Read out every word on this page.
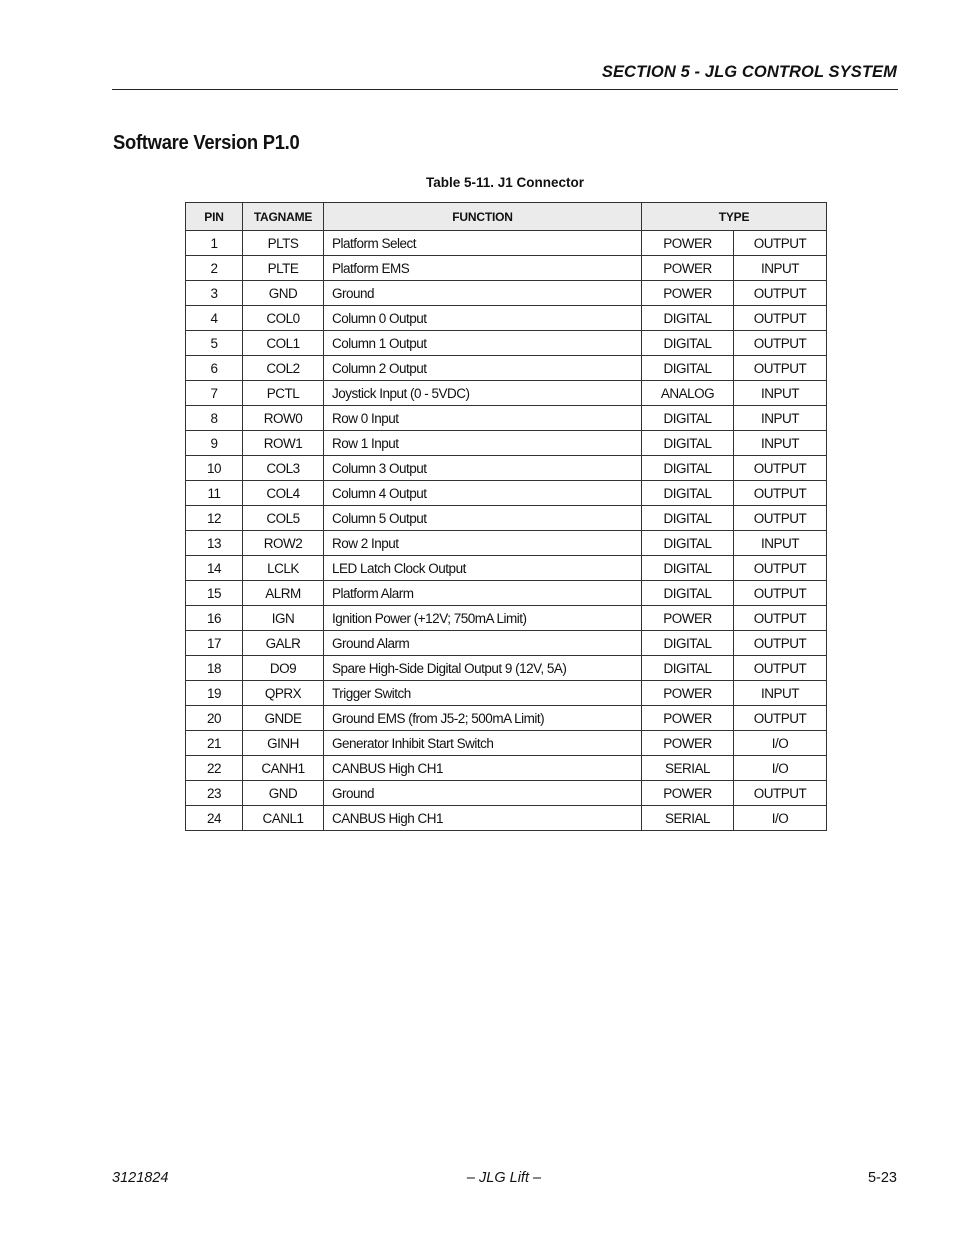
SECTION 5 - JLG CONTROL SYSTEM
Software Version P1.0
Table 5-11. J1 Connector
PIN	TAGNAME	FUNCTION	TYPE	
1	PLTS	Platform Select	POWER	OUTPUT
2	PLTE	Platform EMS	POWER	INPUT
3	GND	Ground	POWER	OUTPUT
4	COL0	Column 0 Output	DIGITAL	OUTPUT
5	COL1	Column 1 Output	DIGITAL	OUTPUT
6	COL2	Column 2 Output	DIGITAL	OUTPUT
7	PCTL	Joystick Input (0 - 5VDC)	ANALOG	INPUT
8	ROW0	Row 0 Input	DIGITAL	INPUT
9	ROW1	Row 1 Input	DIGITAL	INPUT
10	COL3	Column 3 Output	DIGITAL	OUTPUT
11	COL4	Column 4 Output	DIGITAL	OUTPUT
12	COL5	Column 5 Output	DIGITAL	OUTPUT
13	ROW2	Row 2 Input	DIGITAL	INPUT
14	LCLK	LED Latch Clock Output	DIGITAL	OUTPUT
15	ALRM	Platform Alarm	DIGITAL	OUTPUT
16	IGN	Ignition Power (+12V; 750mA Limit)	POWER	OUTPUT
17	GALR	Ground Alarm	DIGITAL	OUTPUT
18	DO9	Spare High-Side Digital Output 9 (12V, 5A)	DIGITAL	OUTPUT
19	QPRX	Trigger Switch	POWER	INPUT
20	GNDE	Ground EMS (from J5-2; 500mA Limit)	POWER	OUTPUT
21	GINH	Generator Inhibit Start Switch	POWER	I/O
22	CANH1	CANBUS High CH1	SERIAL	I/O
23	GND	Ground	POWER	OUTPUT
24	CANL1	CANBUS High CH1	SERIAL	I/O
3121824	– JLG Lift –	5-23
